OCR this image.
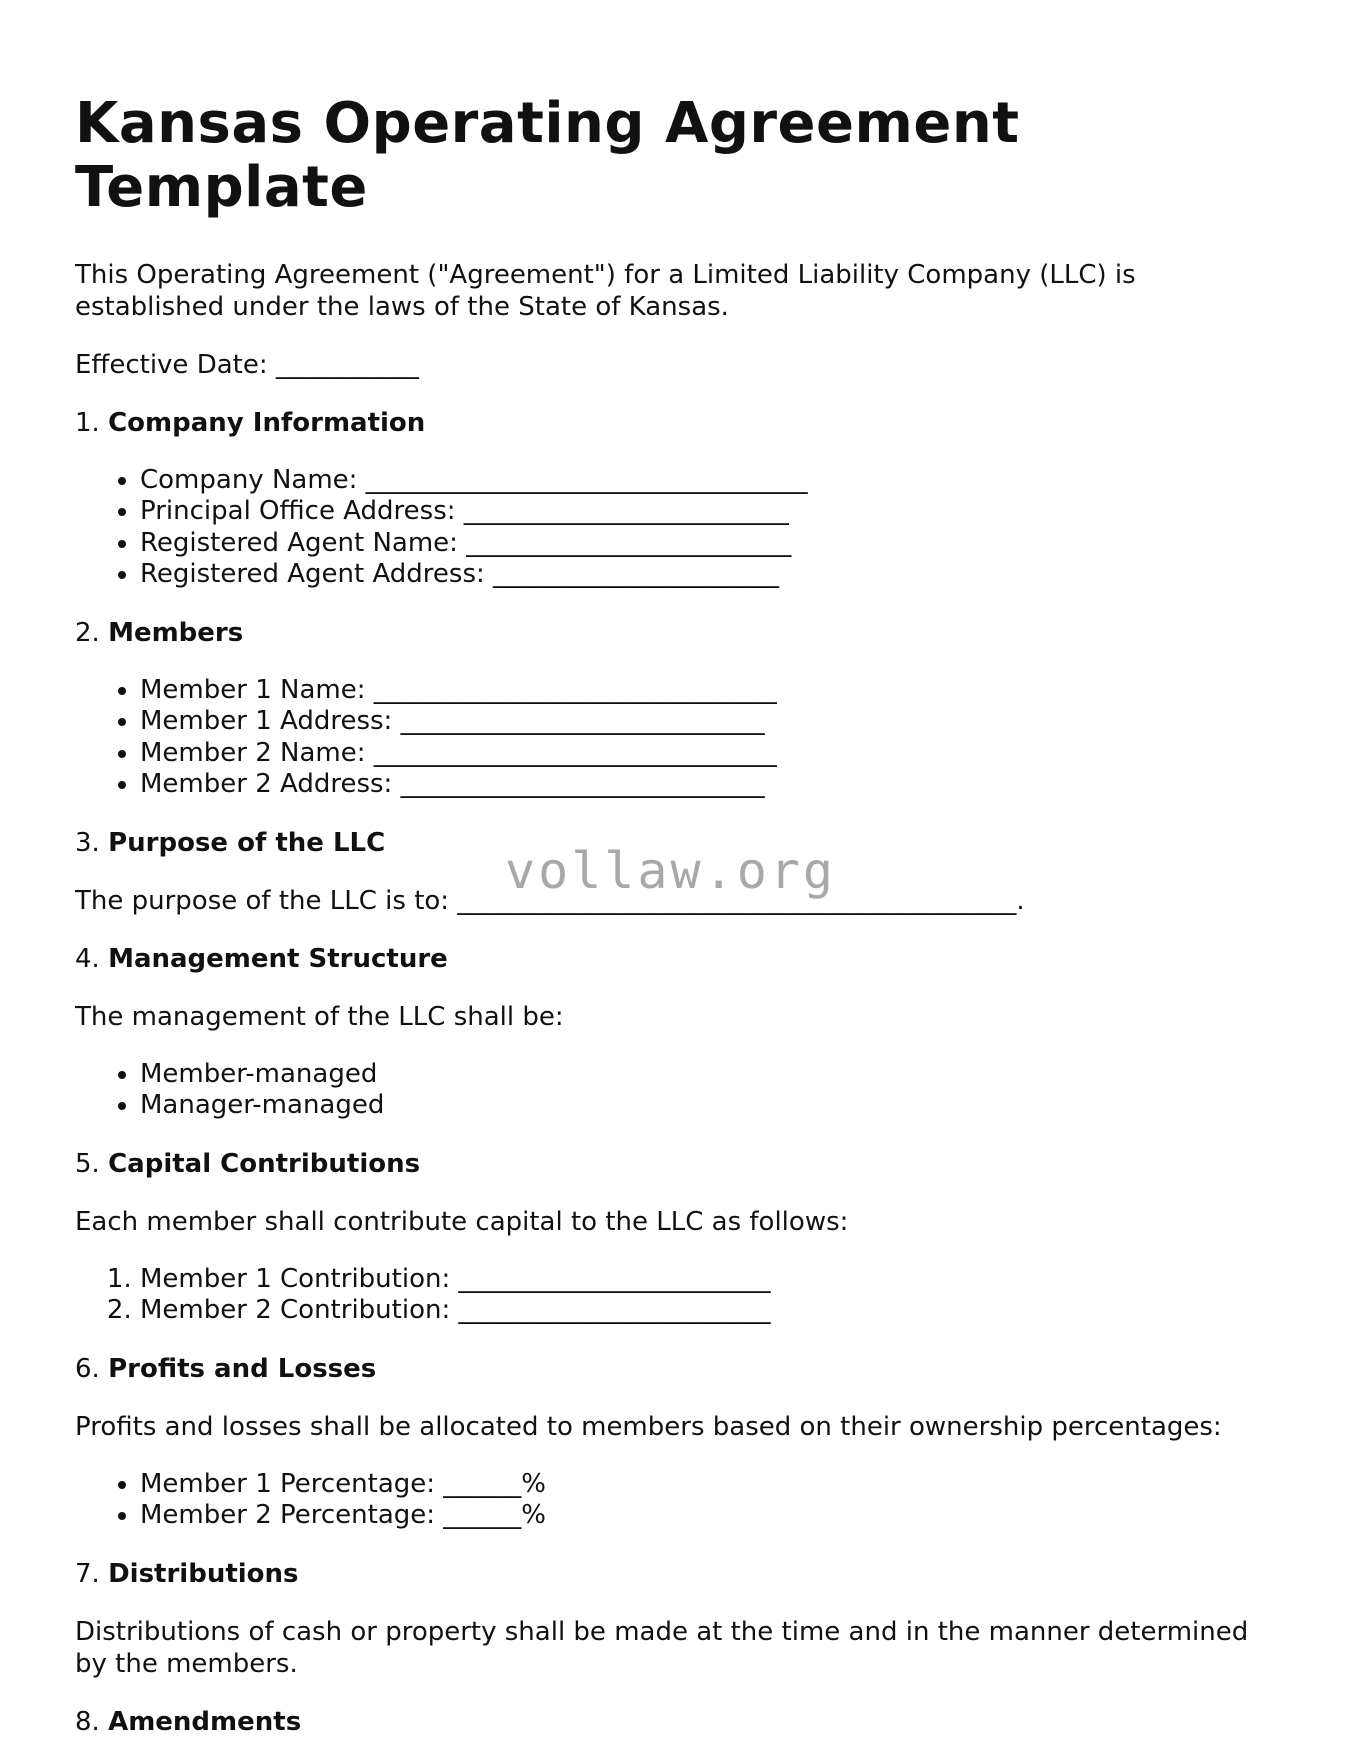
Kansas Operating Agreement Template

This Operating Agreement ("Agreement") for a Limited Liability Company (LLC) is established under the laws of the State of Kansas.

Effective Date: ___________

1. Company Information
• Company Name: __________________________________
• Principal Office Address: _________________________
• Registered Agent Name: _________________________
• Registered Agent Address: ______________________
2. Members
• Member 1 Name: _______________________________
• Member 1 Address: ____________________________
• Member 2 Name: _______________________________
• Member 2 Address: ____________________________
3. Purpose of the LLC

The purpose of the LLC is to: ___________________________________________.

4. Management Structure

The management of the LLC shall be:

• Member-managed
• Manager-managed
5. Capital Contributions

Each member shall contribute capital to the LLC as follows:

1. Member 1 Contribution: ________________________
2. Member 2 Contribution: ________________________
6. Profits and Losses

Profits and losses shall be allocated to members based on their ownership percentages:

• Member 1 Percentage: ______%
• Member 2 Percentage: ______%
7. Distributions

Distributions of cash or property shall be made at the time and in the manner determined by the members.

8. Amendments
vollaw.org
